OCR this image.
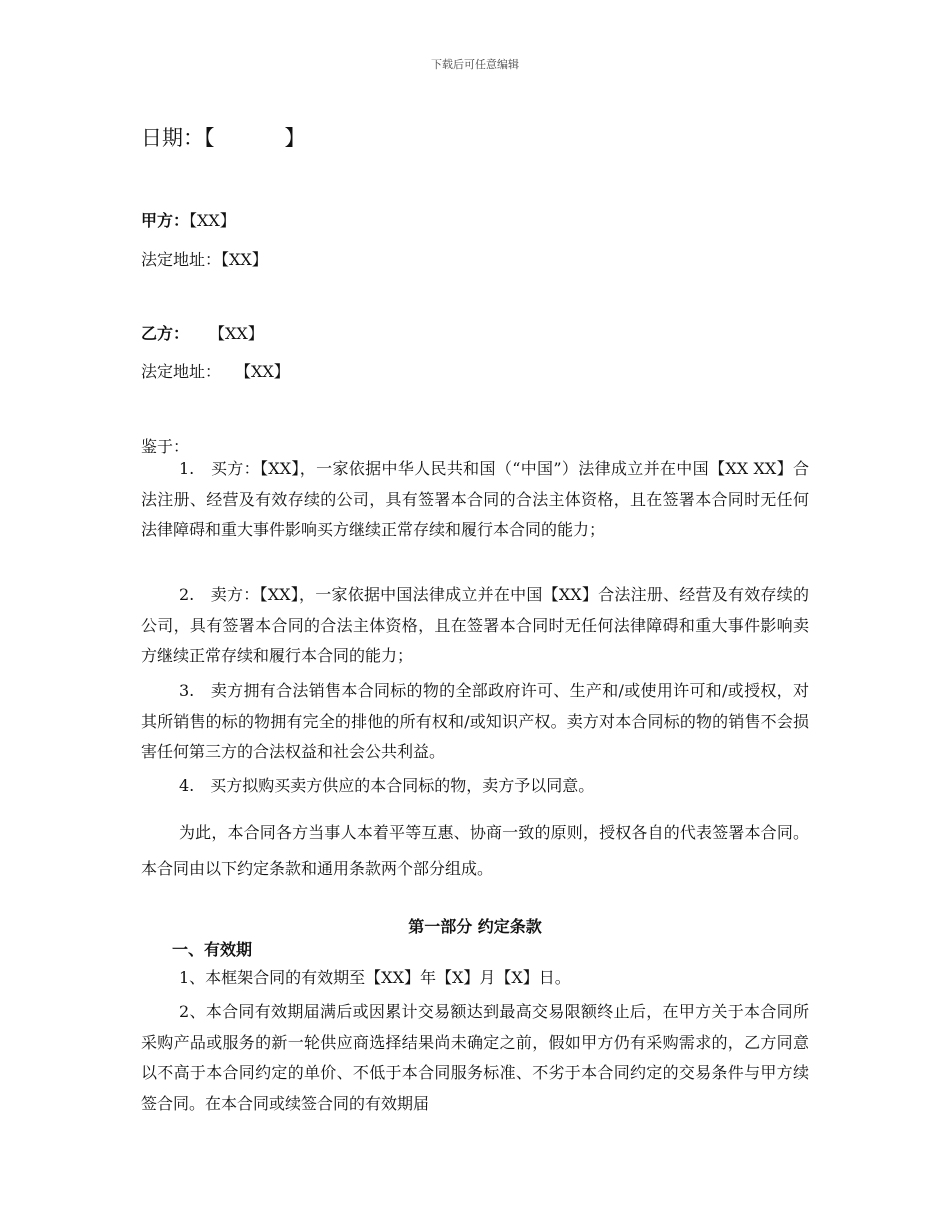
下载后可任意编辑
日期：【	】
甲方：【XX】
法定地址：【XX】
乙方： 【XX】
法定地址： 【XX】
鉴于：
1.　买方：【XX】，一家依据中华人民共和国（“中国”）法律成立并在中国【XX XX】合法注册、经营及有效存续的公司，具有签署本合同的合法主体资格，且在签署本合同时无任何法律障碍和重大事件影响买方继续正常存续和履行本合同的能力；
2.　卖方：【XX】，一家依据中国法律成立并在中国【XX】合法注册、经营及有效存续的公司，具有签署本合同的合法主体资格，且在签署本合同时无任何法律障碍和重大事件影响卖方继续正常存续和履行本合同的能力；
3.　卖方拥有合法销售本合同标的物的全部政府许可、生产和/或使用许可和/或授权，对其所销售的标的物拥有完全的排他的所有权和/或知识产权。卖方对本合同标的物的销售不会损害任何第三方的合法权益和社会公共利益。
4.　买方拟购买卖方供应的本合同标的物，卖方予以同意。
为此，本合同各方当事人本着平等互惠、协商一致的原则，授权各自的代表签署本合同。本合同由以下约定条款和通用条款两个部分组成。
第一部分 约定条款
一、有效期
1、本框架合同的有效期至【XX】年【X】月【X】日。
2、本合同有效期届满后或因累计交易额达到最高交易限额终止后，在甲方关于本合同所采购产品或服务的新一轮供应商选择结果尚未确定之前，假如甲方仍有采购需求的，乙方同意以不高于本合同约定的单价、不低于本合同服务标准、不劣于本合同约定的交易条件与甲方续签合同。在本合同或续签合同的有效期届
